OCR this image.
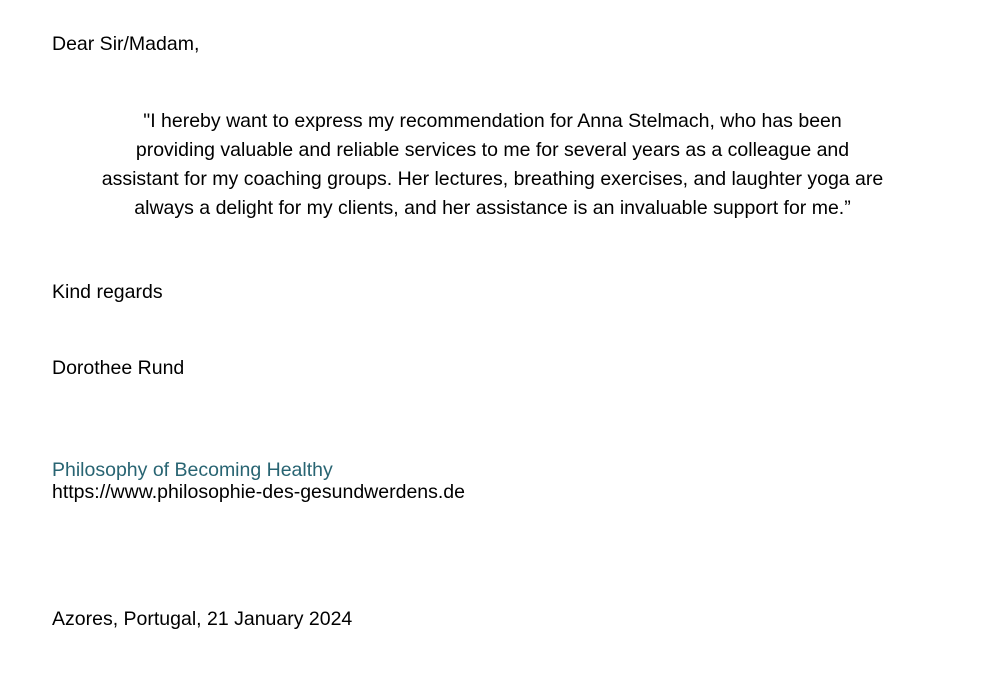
Dear Sir/Madam,
"I hereby want to express my recommendation for Anna Stelmach, who has been
providing valuable and reliable services to me for several years as a colleague and
assistant for my coaching groups. Her lectures, breathing exercises, and laughter yoga are
always a delight for my clients, and her assistance is an invaluable support for me.”
Kind regards
Dorothee Rund
Philosophy of Becoming Healthy
https://www.philosophie-des-gesundwerdens.de
Azores, Portugal, 21 January 2024
